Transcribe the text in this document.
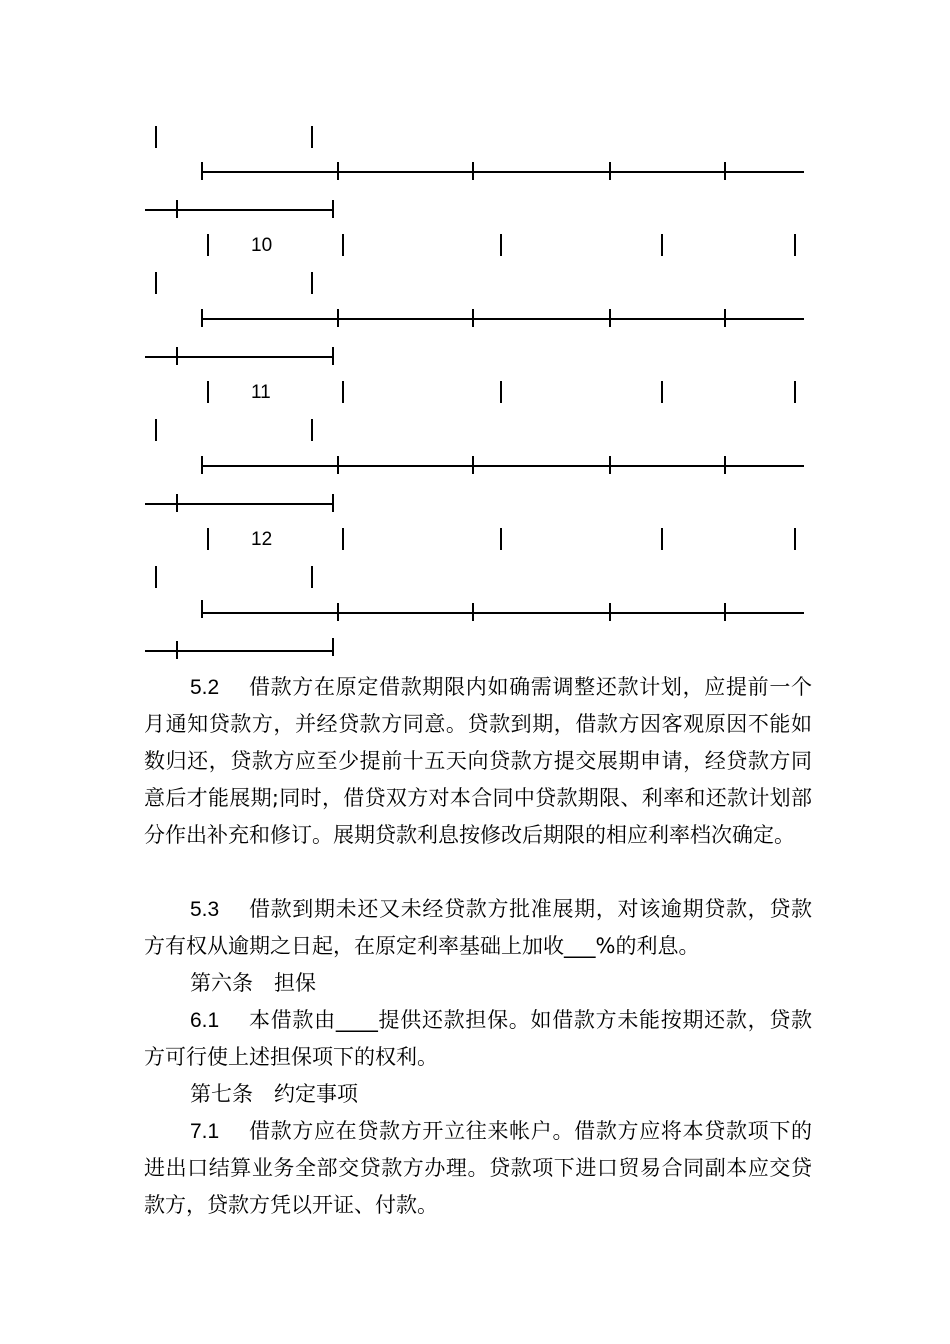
10
11
12
5.2　 借款方在原定借款期限内如确需调整还款计划，应提前一个月通知贷款方，并经贷款方同意。贷款到期，借款方因客观原因不能如数归还，贷款方应至少提前十五天向贷款方提交展期申请，经贷款方同意后才能展期;同时，借贷双方对本合同中贷款期限、利率和还款计划部分作出补充和修订。展期贷款利息按修改后期限的相应利率档次确定。
5.3　 借款到期未还又未经贷款方批准展期，对该逾期贷款，贷款方有权从逾期之日起，在原定利率基础上加收___%的利息。
第六条　担保
6.1　 本借款由____提供还款担保。如借款方未能按期还款，贷款方可行使上述担保项下的权利。
第七条　约定事项
7.1　 借款方应在贷款方开立往来帐户。借款方应将本贷款项下的进出口结算业务全部交贷款方办理。贷款项下进口贸易合同副本应交贷款方，贷款方凭以开证、付款。
